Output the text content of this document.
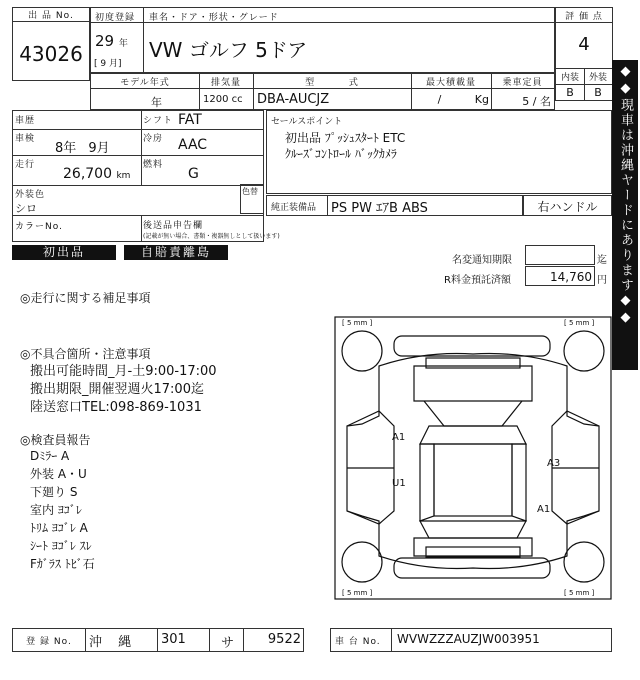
出 品 No.
43026
初度登録
29 年
[ 9 月]
車名・ドア・形状・グレード
VW ゴルフ 5ドア
評 価 点
4
内装	外装
B	B
モデル年式
年
排気量
1200 cc
型 式
DBA-AUCJZ
最大積載量
/ Kg
乗車定員
5 / 名
車歴	シフト FAT
車検
8年 9月
冷房 AAC
走行
26,700 km
燃料
G
外装色
シロ
カラーNo.	後送品申告欄
(記載が無い場合、書類・複器無しとして扱います)
色替
セールスポイント
初出品 ﾌﾟｯｼｭｽﾀｰﾄ ETC
ｸﾙｰｽﾞｺﾝﾄﾛｰﾙ ﾊﾞｯｸｶﾒﾗ
純正装備品 PS PW ｴｱB ABS	右ハンドル	◆◆現車は沖縄ヤードにあります◆◆
初出品	自賠責離島
名変通知期限	迄
R料金預託済額	14,760 円
◎走行に関する補足事項
◎不具合箇所・注意事項
搬出可能時間_月-土9:00-17:00
搬出期限_開催翌週火17:00迄
陸送窓口TEL:098-869-1031
◎検査員報告
Dﾐﾗｰ A
外装 A・U
下廻り S
室内 ﾖｺﾞﾚ
ﾄﾘﾑ ﾖｺﾞﾚ A
ｼｰﾄ ﾖｺﾞﾚ ｽﾚ
Fｶﾞﾗｽ ﾄﾋﾞ石
[ 5 mm ]	[ 5 mm ]
[ 5 mm ]	[ 5 mm ]
A1
U1
A3
A1
登 録 No.	沖 縄 301	サ	9522	車 台 No. WVWZZZAUZJW003951
